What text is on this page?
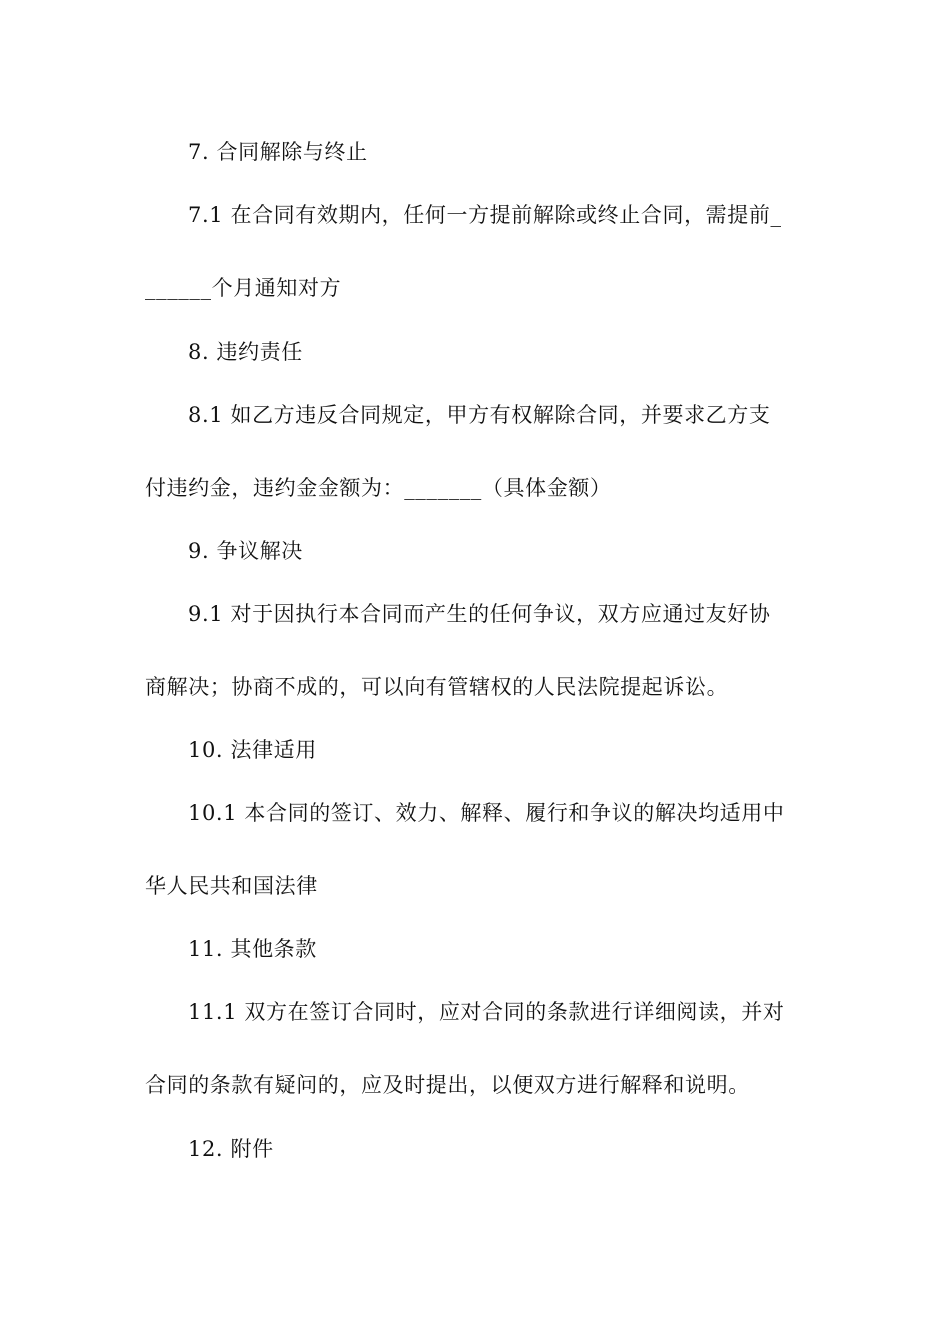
7. 合同解除与终止
7.1 在合同有效期内，任何一方提前解除或终止合同，需提前_
______个月通知对方
8. 违约责任
8.1 如乙方违反合同规定，甲方有权解除合同，并要求乙方支
付违约金，违约金金额为：_______（具体金额）
9. 争议解决
9.1 对于因执行本合同而产生的任何争议，双方应通过友好协
商解决；协商不成的，可以向有管辖权的人民法院提起诉讼。
10. 法律适用
10.1 本合同的签订、效力、解释、履行和争议的解决均适用中
华人民共和国法律
11. 其他条款
11.1 双方在签订合同时，应对合同的条款进行详细阅读，并对
合同的条款有疑问的，应及时提出，以便双方进行解释和说明。
12. 附件
